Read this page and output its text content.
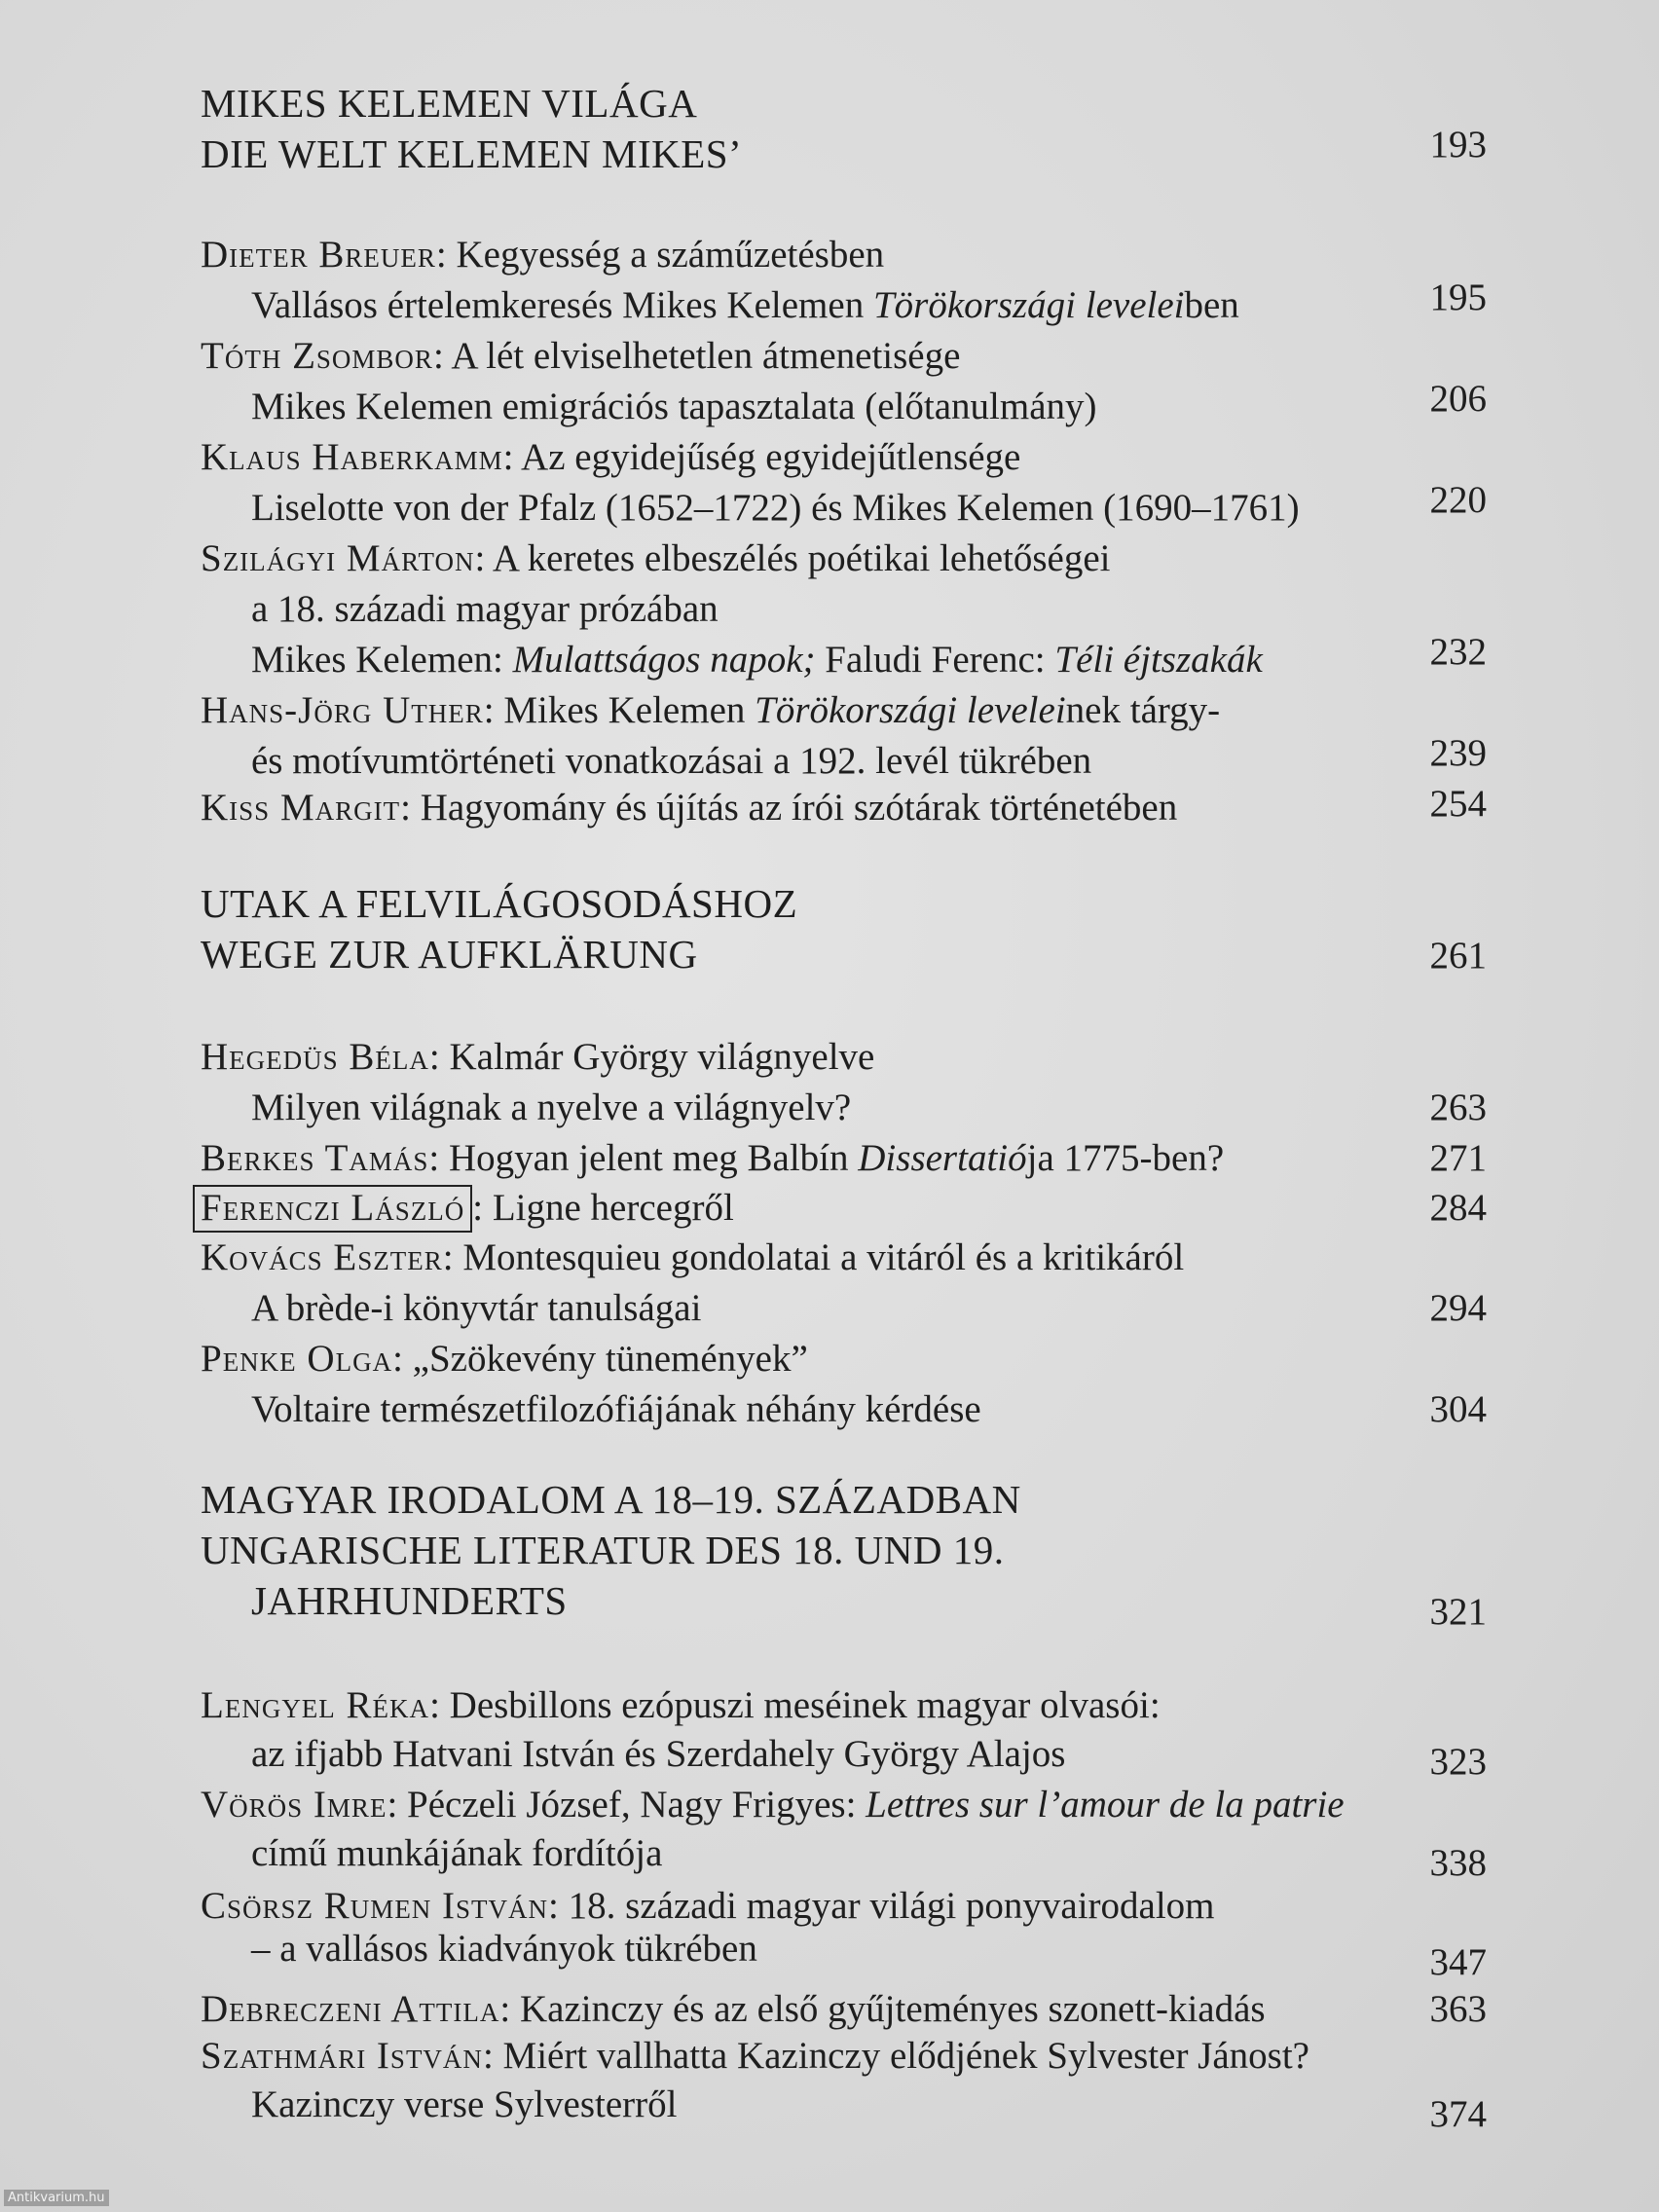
MIKES KELEMEN VILÁGA
DIE WELT KELEMEN MIKES’	193
Dieter Breuer: Kegyesség a száműzetésben
Vallásos értelemkeresés Mikes Kelemen Törökországi leveleiben	195
Tóth Zsombor: A lét elviselhetetlen átmenetisége
Mikes Kelemen emigrációs tapasztalata (előtanulmány)	206
Klaus Haberkamm: Az egyidejűség egyidejűtlensége
Liselotte von der Pfalz (1652–1722) és Mikes Kelemen (1690–1761)	220
Szilágyi Márton: A keretes elbeszélés poétikai lehetőségei
a 18. századi magyar prózában
Mikes Kelemen: Mulattságos napok; Faludi Ferenc: Téli éjtszakák	232
Hans-Jörg Uther: Mikes Kelemen Törökországi leveleinek tárgy-
és motívumtörténeti vonatkozásai a 192. levél tükrében	239
Kiss Margit: Hagyomány és újítás az írói szótárak történetében	254
UTAK A FELVILÁGOSODÁSHOZ
WEGE ZUR AUFKLÄRUNG	261
Hegedüs Béla: Kalmár György világnyelve
Milyen világnak a nyelve a világnyelv?	263
Berkes Tamás: Hogyan jelent meg Balbín Dissertatiója 1775-ben?	271
Ferenczi László : Ligne hercegről	284
Kovács Eszter: Montesquieu gondolatai a vitáról és a kritikáról
A brède-i könyvtár tanulságai	294
Penke Olga: „Szökevény tünemények”
Voltaire természetfilozófiájának néhány kérdése	304
MAGYAR IRODALOM A 18–19. SZÁZADBAN
UNGARISCHE LITERATUR DES 18. UND 19.
JAHRHUNDERTS	321
Lengyel Réka: Desbillons ezópuszi meséinek magyar olvasói:
az ifjabb Hatvani István és Szerdahely György Alajos	323
Vörös Imre: Péczeli József, Nagy Frigyes: Lettres sur l’amour de la patrie
című munkájának fordítója	338
Csörsz Rumen István: 18. századi magyar világi ponyvairodalom
– a vallásos kiadványok tükrében	347
Debreczeni Attila: Kazinczy és az első gyűjteményes szonett-kiadás	363
Szathmári István: Miért vallhatta Kazinczy elődjének Sylvester Jánost?
Kazinczy verse Sylvesterről	374
Antikvarium.hu
